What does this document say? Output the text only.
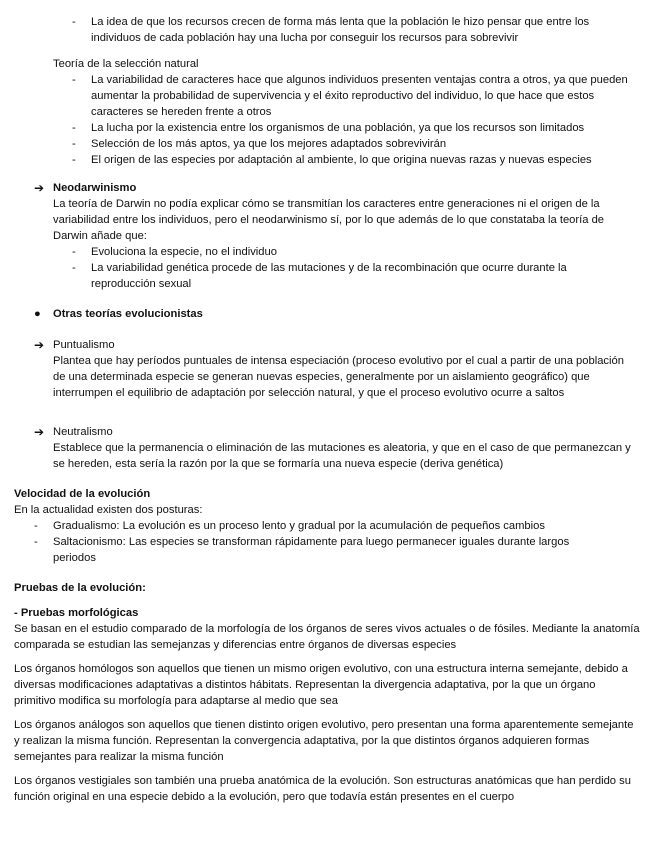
-	La idea de que los recursos crecen de forma más lenta que la población le hizo pensar que entre los individuos de cada población hay una lucha por conseguir los recursos para sobrevivir
Teoría de la selección natural
-	La variabilidad de caracteres hace que algunos individuos presenten ventajas contra a otros, ya que pueden aumentar la probabilidad de supervivencia y el éxito reproductivo del individuo, lo que hace que estos caracteres se hereden frente a otros
-	La lucha por la existencia entre los organismos de una población, ya que los recursos son limitados
-	Selección de los más aptos, ya que los mejores adaptados sobrevivirán
-	El origen de las especies por adaptación al ambiente, lo que origina nuevas razas y nuevas especies
➔ Neodarwinismo
La teoría de Darwin no podía explicar cómo se transmitían los caracteres entre generaciones ni el origen de la variabilidad entre los individuos, pero el neodarwinismo sí, por lo que además de lo que constataba la teoría de Darwin añade que:
-	Evoluciona la especie, no el individuo
-	La variabilidad genética procede de las mutaciones y de la recombinación que ocurre durante la reproducción sexual
● Otras teorías evolucionistas
➔ Puntualismo
Plantea que hay períodos puntuales de intensa especiación (proceso evolutivo por el cual a partir de una población de una determinada especie se generan nuevas especies, generalmente por un aislamiento geográfico) que interrumpen el equilibrio de adaptación por selección natural, y que el proceso evolutivo ocurre a saltos
➔ Neutralismo
Establece que la permanencia o eliminación de las mutaciones es aleatoria, y que en el caso de que permanezcan y se hereden, esta sería la razón por la que se formaría una nueva especie (deriva genética)
Velocidad de la evolución
En la actualidad existen dos posturas:
-	Gradualismo: La evolución es un proceso lento y gradual por la acumulación de pequeños cambios
-	Saltacionismo: Las especies se transforman rápidamente para luego permanecer iguales durante largos periodos
Pruebas de la evolución:
- Pruebas morfológicas
Se basan en el estudio comparado de la morfología de los órganos de seres vivos actuales o de fósiles. Mediante la anatomía comparada se estudian las semejanzas y diferencias entre órganos de diversas especies
Los órganos homólogos son aquellos que tienen un mismo origen evolutivo, con una estructura interna semejante, debido a diversas modificaciones adaptativas a distintos hábitats. Representan la divergencia adaptativa, por la que un órgano primitivo modifica su morfología para adaptarse al medio que sea
Los órganos análogos son aquellos que tienen distinto origen evolutivo, pero presentan una forma aparentemente semejante y realizan la misma función. Representan la convergencia adaptativa, por la que distintos órganos adquieren formas semejantes para realizar la misma función
Los órganos vestigiales son también una prueba anatómica de la evolución. Son estructuras anatómicas que han perdido su función original en una especie debido a la evolución, pero que todavía están presentes en el cuerpo
